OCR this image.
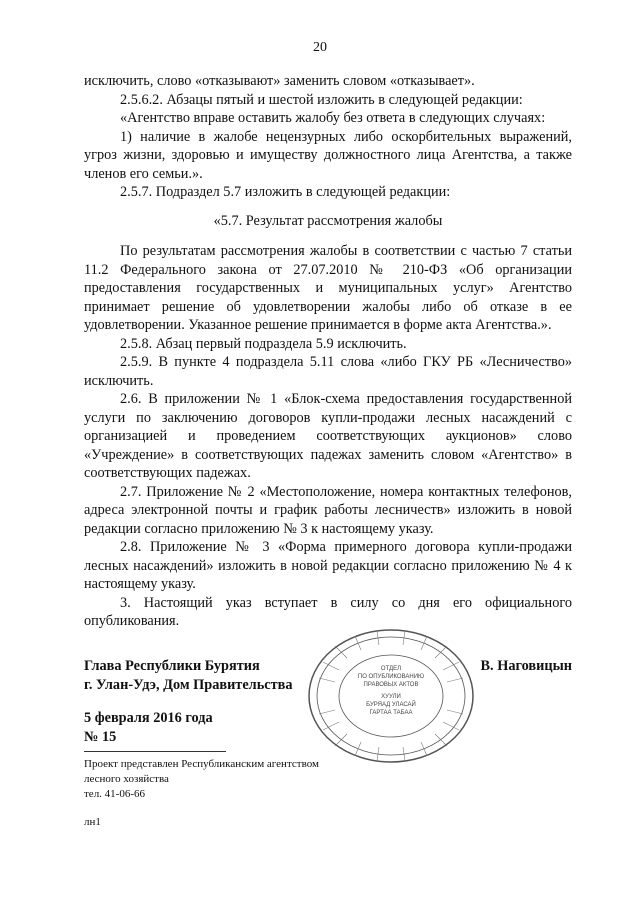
20

исключить, слово «отказывают» заменить словом «отказывает».

2.5.6.2. Абзацы пятый и шестой изложить в следующей редакции:

«Агентство вправе оставить жалобу без ответа в следующих случаях:

1) наличие в жалобе нецензурных либо оскорбительных выражений, угроз жизни, здоровью и имуществу должностного лица Агентства, а также членов его семьи.».

2.5.7. Подраздел 5.7 изложить в следующей редакции:

«5.7. Результат рассмотрения жалобы

По результатам рассмотрения жалобы в соответствии с частью 7 статьи 11.2 Федерального закона от 27.07.2010 № 210-ФЗ «Об организации предоставления государственных и муниципальных услуг» Агентство принимает решение об удовлетворении жалобы либо об отказе в ее удовлетворении. Указанное решение принимается в форме акта Агентства.».

2.5.8. Абзац первый подраздела 5.9 исключить.

2.5.9. В пункте 4 подраздела 5.11 слова «либо ГКУ РБ «Лесничество» исключить.

2.6. В приложении № 1 «Блок-схема предоставления государственной услуги по заключению договоров купли-продажи лесных насаждений с организацией и проведением соответствующих аукционов» слово «Учреждение» в соответствующих падежах заменить словом «Агентство» в соответствующих падежах.

2.7. Приложение № 2 «Местоположение, номера контактных телефонов, адреса электронной почты и график работы лесничеств» изложить в новой редакции согласно приложению № 3 к настоящему указу.

2.8. Приложение № 3 «Форма примерного договора купли-продажи лесных насаждений» изложить в новой редакции согласно приложению № 4 к настоящему указу.

3. Настоящий указ вступает в силу со дня его официального опубликования.

Глава Республики Бурятия
г. Улан-Удэ, Дом Правительства
В. Наговицын
5 февраля 2016 года
№ 15
ОТДЕЛ
ПО ОПУБЛИКОВАНИЮ
ПРАВОВЫХ АКТОВ
ХУУЛИ
БУРЯАД УЛАСАЙ
ГАРТАА ТАБАА
Проект представлен Республиканским агентством
лесного хозяйства
тел. 41-06-66
лн1
